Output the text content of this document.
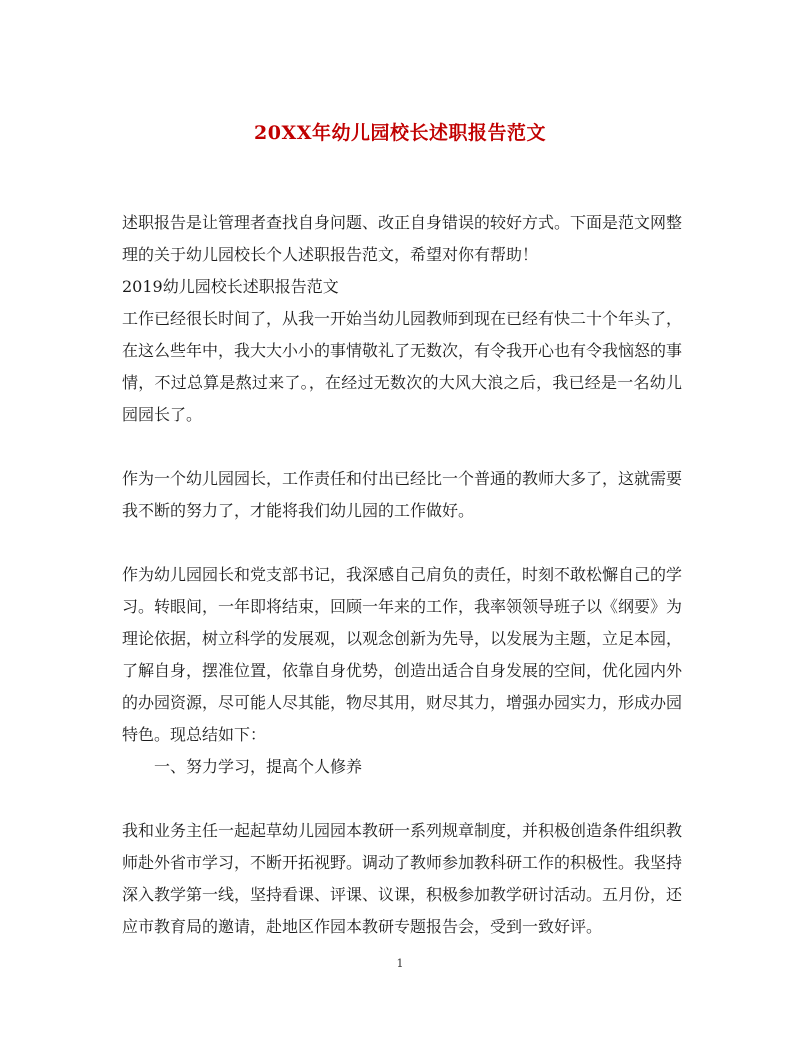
20XX年幼儿园校长述职报告范文

述职报告是让管理者查找自身问题、改正自身错误的较好方式。下面是范文网整理的关于幼儿园校长个人述职报告范文，希望对你有帮助！

2019幼儿园校长述职报告范文

工作已经很长时间了，从我一开始当幼儿园教师到现在已经有快二十个年头了，在这么些年中，我大大小小的事情敬礼了无数次，有令我开心也有令我恼怒的事情，不过总算是熬过来了。，在经过无数次的大风大浪之后，我已经是一名幼儿园园长了。

作为一个幼儿园园长，工作责任和付出已经比一个普通的教师大多了，这就需要我不断的努力了，才能将我们幼儿园的工作做好。

作为幼儿园园长和党支部书记，我深感自己肩负的责任，时刻不敢松懈自己的学习。转眼间，一年即将结束，回顾一年来的工作，我率领领导班子以《纲要》为理论依据，树立科学的发展观，以观念创新为先导，以发展为主题，立足本园，了解自身，摆准位置，依靠自身优势，创造出适合自身发展的空间，优化园内外的办园资源，尽可能人尽其能，物尽其用，财尽其力，增强办园实力，形成办园特色。现总结如下：

一、努力学习，提高个人修养

我和业务主任一起起草幼儿园园本教研一系列规章制度，并积极创造条件组织教师赴外省市学习，不断开拓视野。调动了教师参加教科研工作的积极性。我坚持深入教学第一线，坚持看课、评课、议课，积极参加教学研讨活动。五月份，还应市教育局的邀请，赴地区作园本教研专题报告会，受到一致好评。

1
